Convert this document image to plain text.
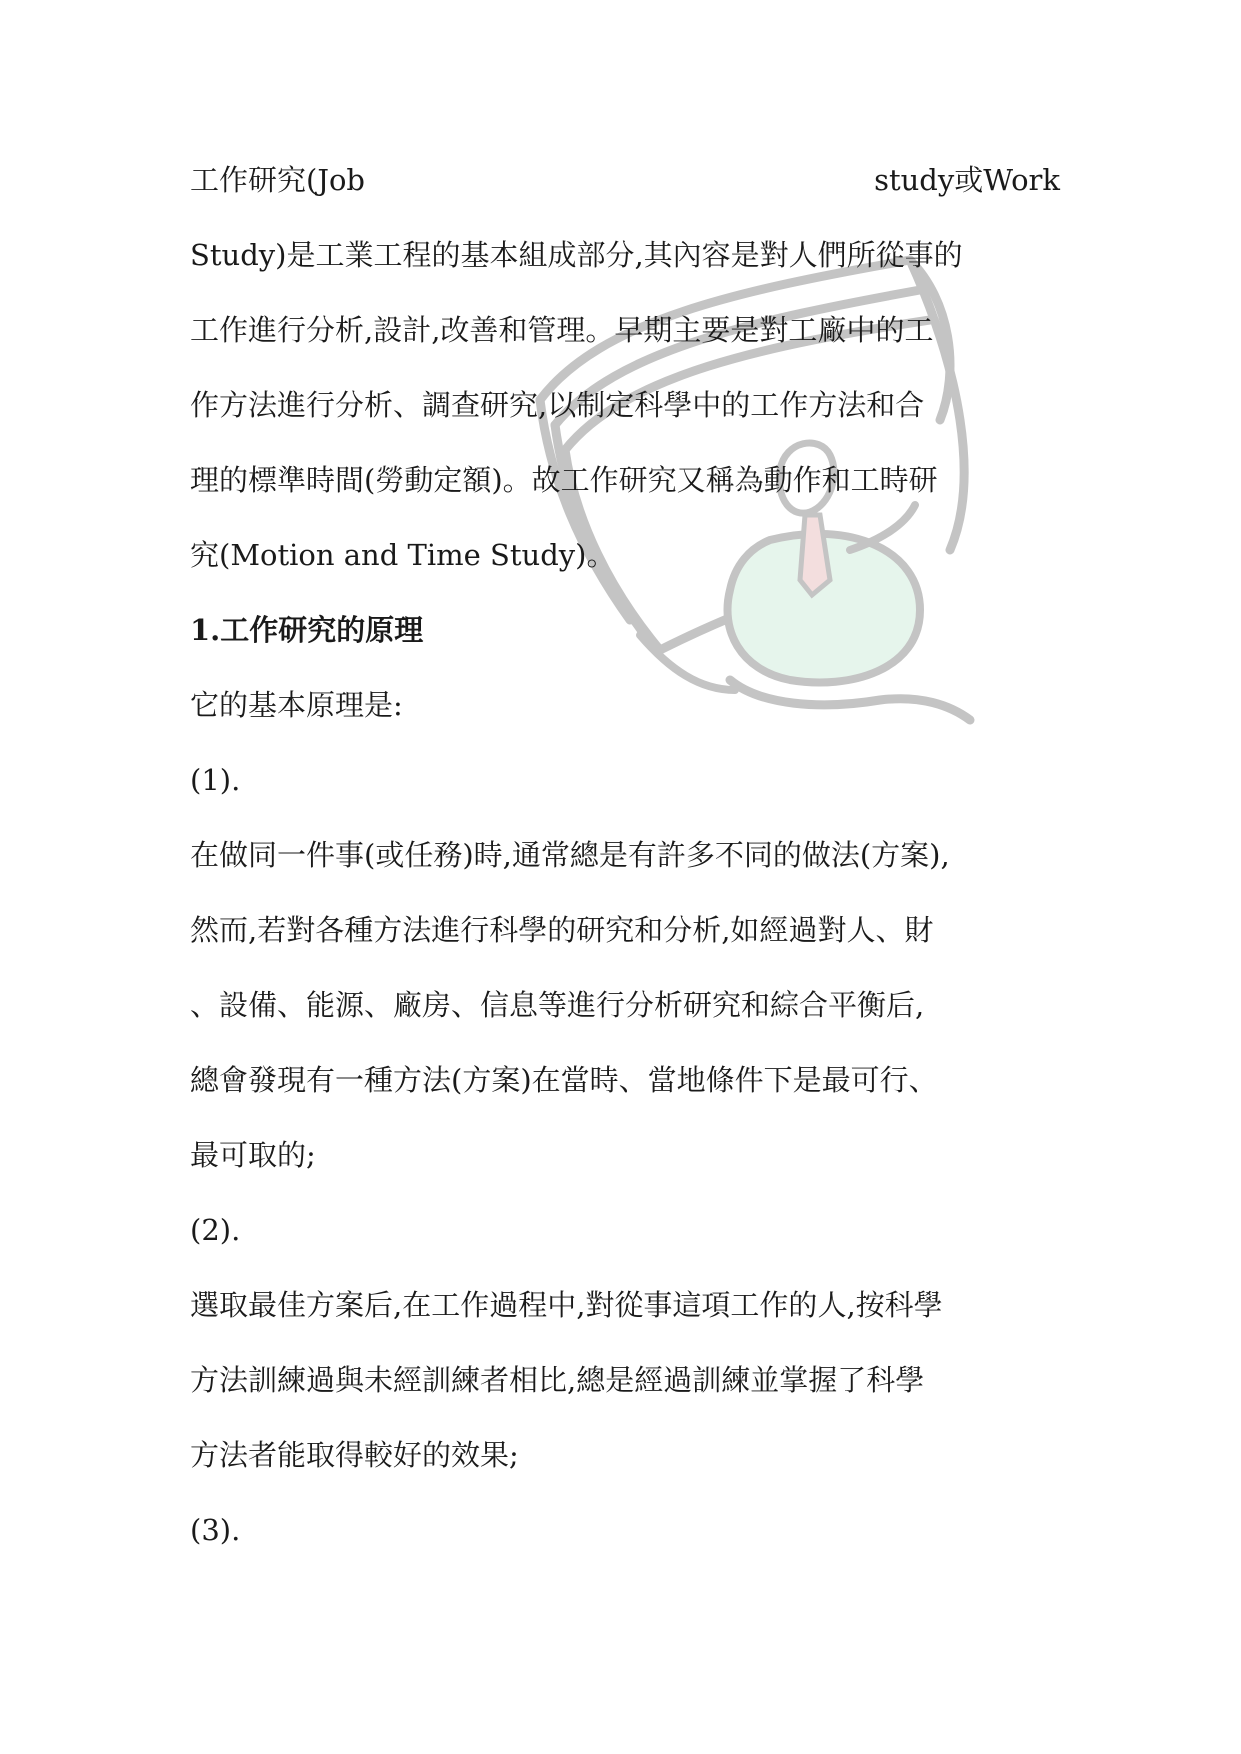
工作研究(Job	study或Work
Study)是工業工程的基本組成部分,其內容是對人們所從事的
工作進行分析,設計,改善和管理。早期主要是對工廠中的工
作方法進行分析、調查研究,以制定科學中的工作方法和合
理的標準時間(勞動定額)。故工作研究又稱為動作和工時研
究(Motion and Time Study)。
1.工作研究的原理
它的基本原理是:
(1).
在做同一件事(或任務)時,通常總是有許多不同的做法(方案),
然而,若對各種方法進行科學的研究和分析,如經過對人、財
、設備、能源、廠房、信息等進行分析研究和綜合平衡后,
總會發現有一種方法(方案)在當時、當地條件下是最可行、
最可取的;
(2).
選取最佳方案后,在工作過程中,對從事這項工作的人,按科學
方法訓練過與未經訓練者相比,總是經過訓練並掌握了科學
方法者能取得較好的效果;
(3).
